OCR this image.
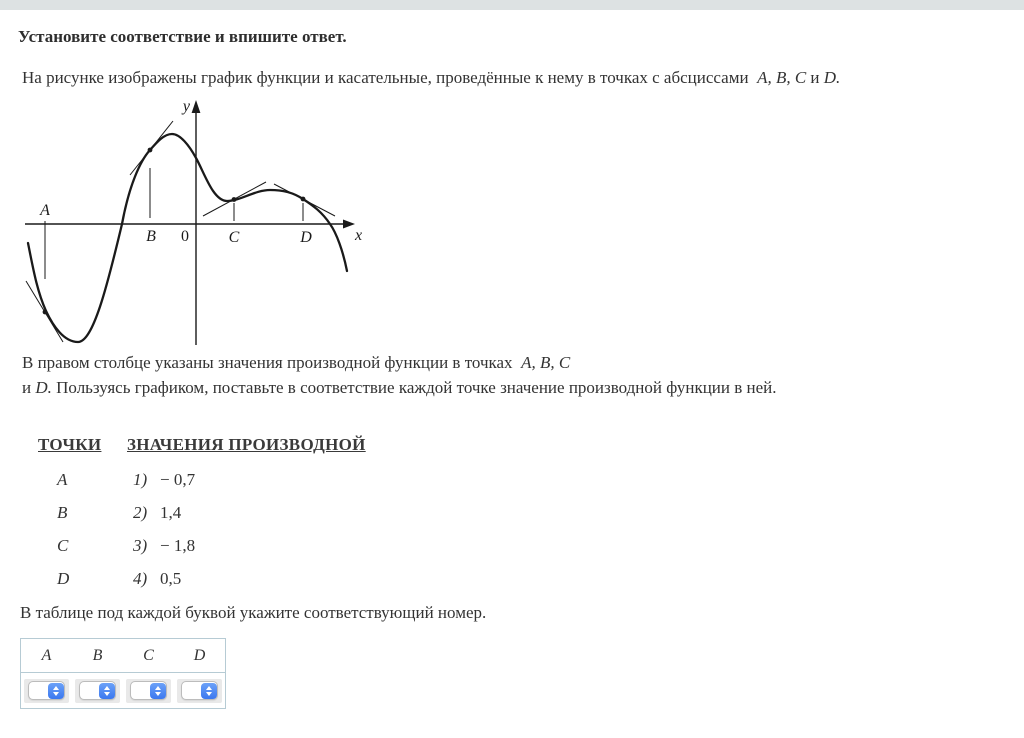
Установите соответствие и впишите ответ.
На рисунке изображены график функции и касательные, проведённые к нему в точках с абсциссами A, B, C и D.
y
x
0
A
B	C	D
В правом столбце указаны значения производной функции в точках A, B, C
и D. Пользуясь графиком, поставьте в соответствие каждой точке значение производной функции в ней.
ТОЧКИ ЗНАЧЕНИЯ ПРОИЗВОДНОЙ
A	1) − 0,7
B	2) 1,4
C	3) − 1,8
D	4) 0,5
В таблице под каждой буквой укажите соответствующий номер.
A	B	C	D
